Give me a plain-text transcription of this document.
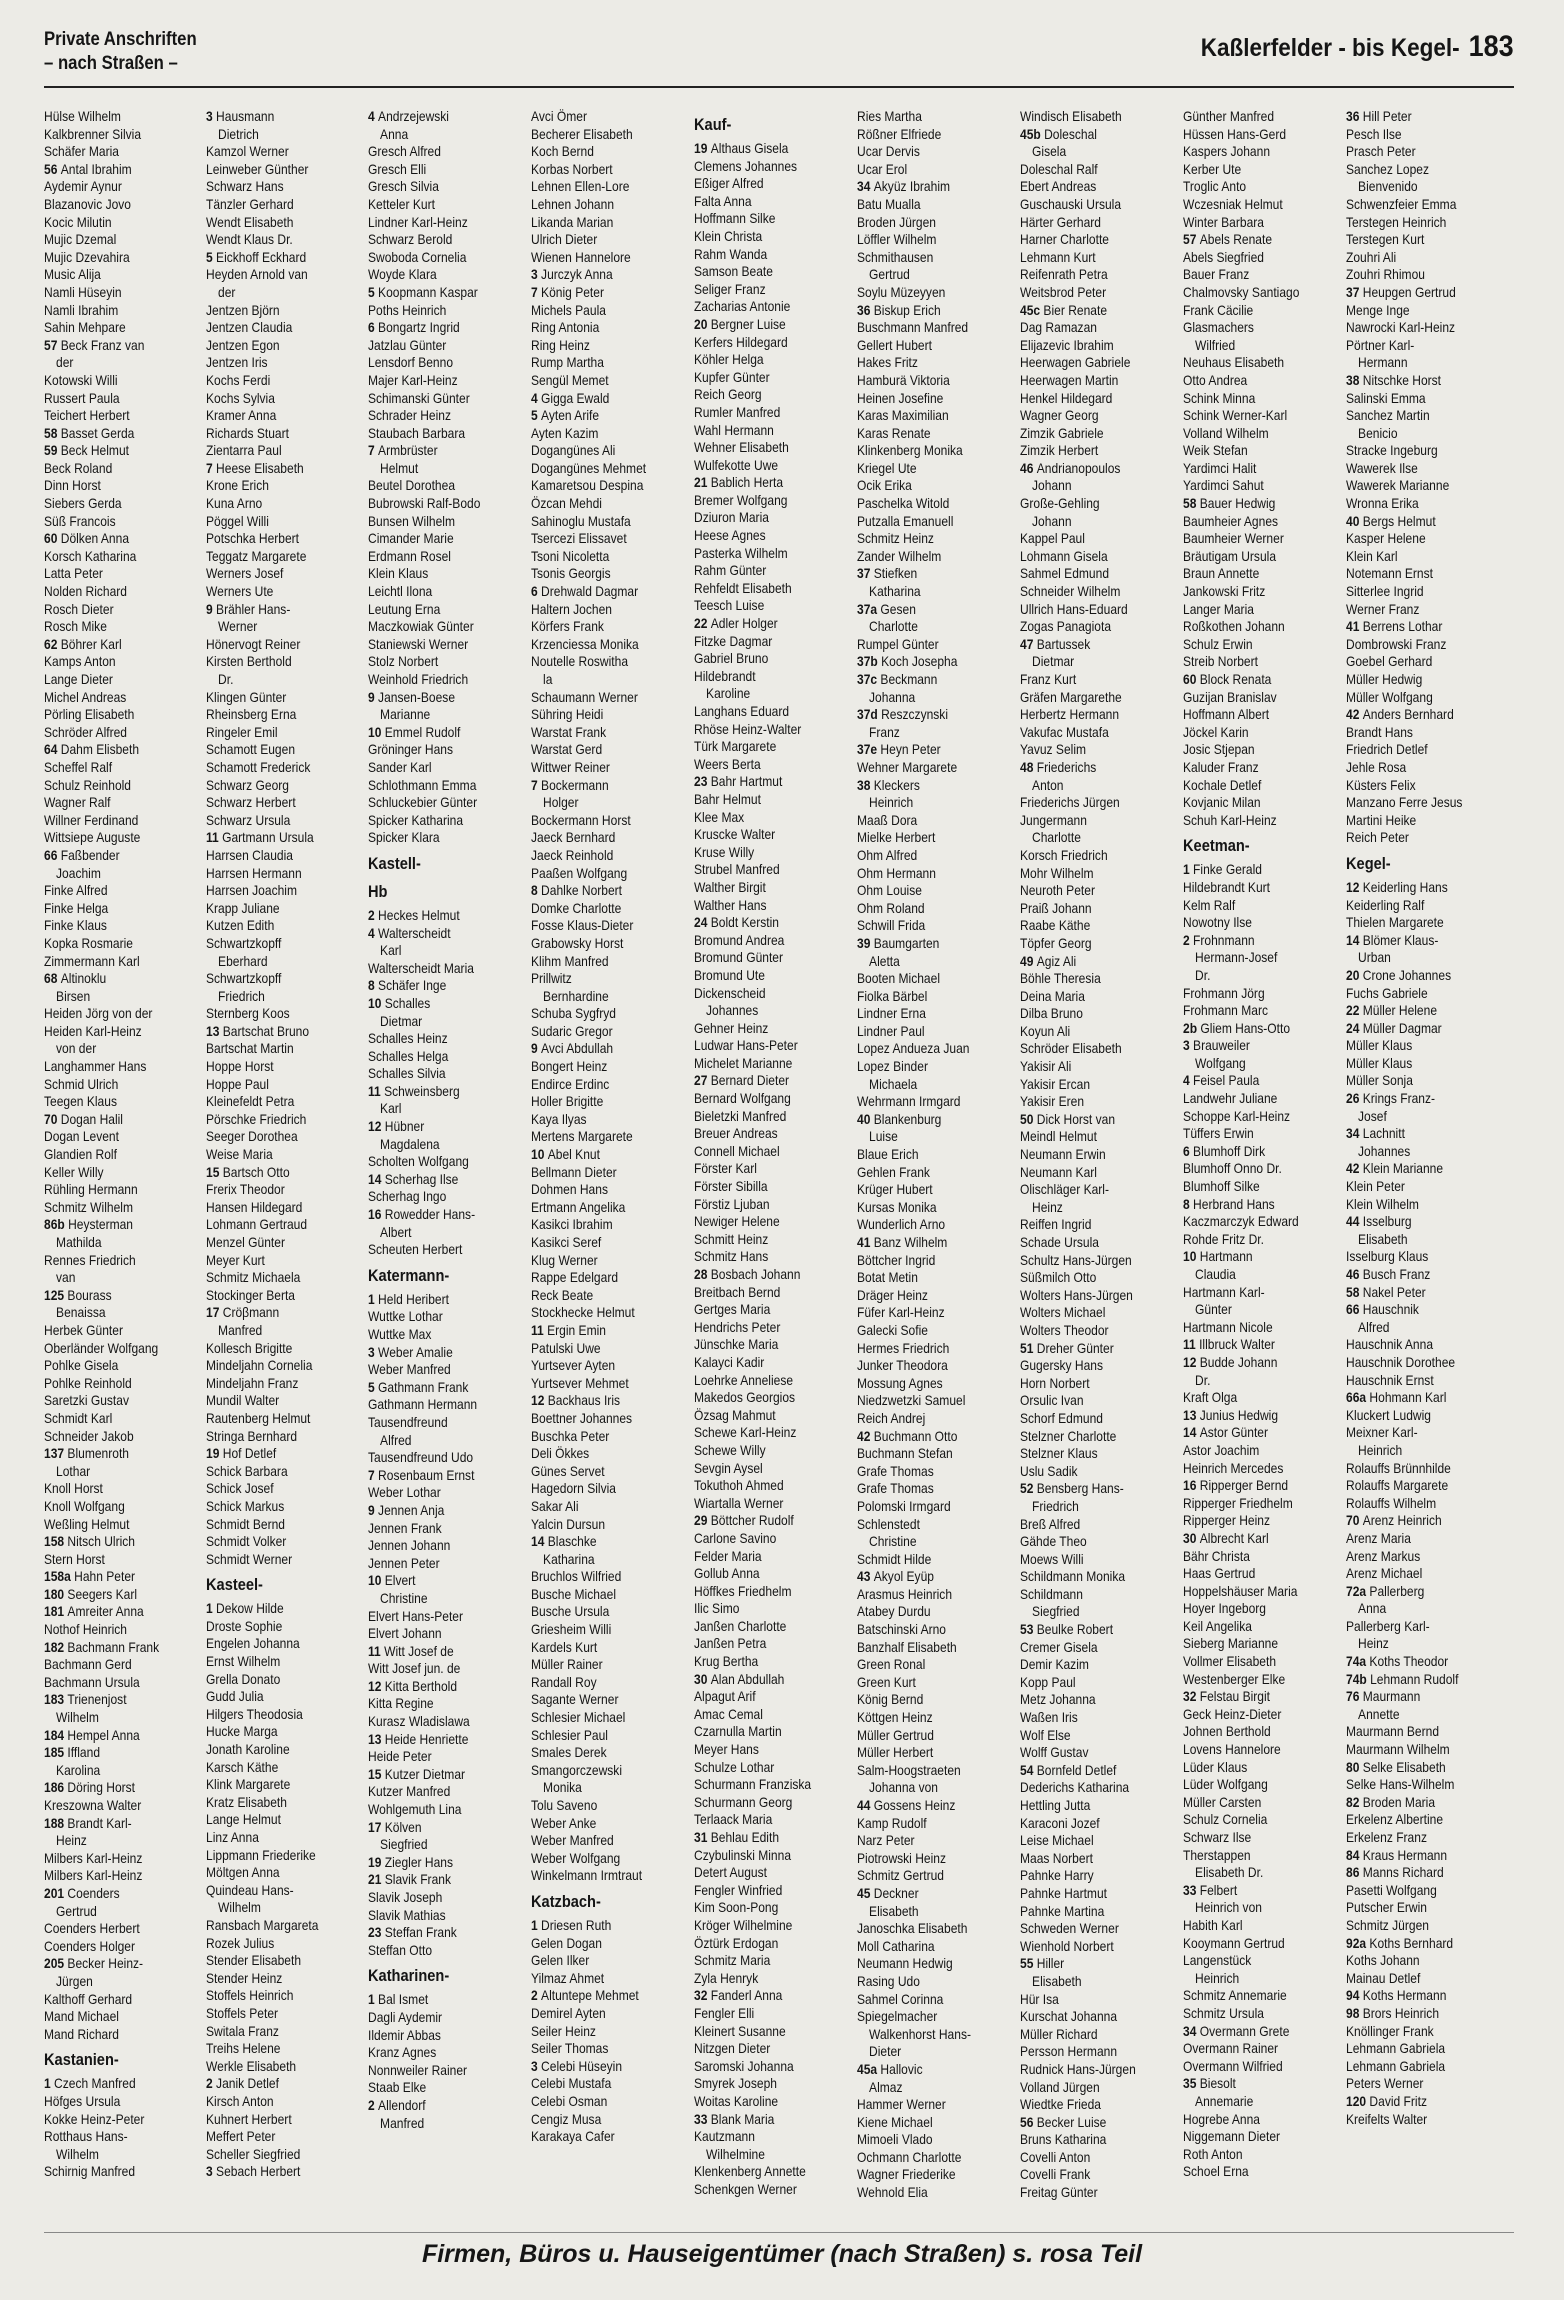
Private Anschriften
– nach Straßen –
Kaßlerfelder - bis Kegel- 183
Hülse Wilhelm
Kalkbrenner Silvia
Schäfer Maria
56 Antal Ibrahim
Aydemir Aynur
Blazanovic Jovo
Kocic Milutin
Mujic Dzemal
Mujic Dzevahira
Music Alija
Namli Hüseyin
Namli Ibrahim
Sahin Mehpare
57 Beck Franz van
der
Kotowski Willi
Russert Paula
Teichert Herbert
58 Basset Gerda
59 Beck Helmut
Beck Roland
Dinn Horst
Siebers Gerda
Süß Francois
60 Dölken Anna
Korsch Katharina
Latta Peter
Nolden Richard
Rosch Dieter
Rosch Mike
62 Böhrer Karl
Kamps Anton
Lange Dieter
Michel Andreas
Pörling Elisabeth
Schröder Alfred
64 Dahm Elisbeth
Scheffel Ralf
Schulz Reinhold
Wagner Ralf
Willner Ferdinand
Wittsiepe Auguste
66 Faßbender
Joachim
Finke Alfred
Finke Helga
Finke Klaus
Kopka Rosmarie
Zimmermann Karl
68 Altinoklu
Birsen
Heiden Jörg von der
Heiden Karl-Heinz
von der
Langhammer Hans
Schmid Ulrich
Teegen Klaus
70 Dogan Halil
Dogan Levent
Glandien Rolf
Keller Willy
Rühling Hermann
Schmitz Wilhelm
86b Heysterman
Mathilda
Rennes Friedrich
van
125 Bourass
Benaissa
Herbek Günter
Oberländer Wolfgang
Pohlke Gisela
Pohlke Reinhold
Saretzki Gustav
Schmidt Karl
Schneider Jakob
137 Blumenroth
Lothar
Knoll Horst
Knoll Wolfgang
Weßling Helmut
158 Nitsch Ulrich
Stern Horst
158a Hahn Peter
180 Seegers Karl
181 Amreiter Anna
Nothof Heinrich
182 Bachmann Frank
Bachmann Gerd
Bachmann Ursula
183 Trienenjost
Wilhelm
184 Hempel Anna
185 Iffland
Karolina
186 Döring Horst
Kreszowna Walter
188 Brandt Karl-
Heinz
Milbers Karl-Heinz
Milbers Karl-Heinz
201 Coenders
Gertrud
Coenders Herbert
Coenders Holger
205 Becker Heinz-
Jürgen
Kalthoff Gerhard
Mand Michael
Mand Richard
Kastanien-
1 Czech Manfred
Höfges Ursula
Kokke Heinz-Peter
Rotthaus Hans-
Wilhelm
Schirnig Manfred
3 Hausmann
Dietrich
Kamzol Werner
Leinweber Günther
Schwarz Hans
Tänzler Gerhard
Wendt Elisabeth
Wendt Klaus Dr.
5 Eickhoff Eckhard
Heyden Arnold van
der
Jentzen Björn
Jentzen Claudia
Jentzen Egon
Jentzen Iris
Kochs Ferdi
Kochs Sylvia
Kramer Anna
Richards Stuart
Zientarra Paul
7 Heese Elisabeth
Krone Erich
Kuna Arno
Pöggel Willi
Potschka Herbert
Teggatz Margarete
Werners Josef
Werners Ute
9 Brähler Hans-
Werner
Hönervogt Reiner
Kirsten Berthold
Dr.
Klingen Günter
Rheinsberg Erna
Ringeler Emil
Schamott Eugen
Schamott Frederick
Schwarz Georg
Schwarz Herbert
Schwarz Ursula
11 Gartmann Ursula
Harrsen Claudia
Harrsen Hermann
Harrsen Joachim
Krapp Juliane
Kutzen Edith
Schwartzkopff
Eberhard
Schwartzkopff
Friedrich
Sternberg Koos
13 Bartschat Bruno
Bartschat Martin
Hoppe Horst
Hoppe Paul
Kleinefeldt Petra
Pörschke Friedrich
Seeger Dorothea
Weise Maria
15 Bartsch Otto
Frerix Theodor
Hansen Hildegard
Lohmann Gertraud
Menzel Günter
Meyer Kurt
Schmitz Michaela
Stockinger Berta
17 Cröβmann
Manfred
Kollesch Brigitte
Mindeljahn Cornelia
Mindeljahn Franz
Mundil Walter
Rautenberg Helmut
Stringa Bernhard
19 Hof Detlef
Schick Barbara
Schick Josef
Schick Markus
Schmidt Bernd
Schmidt Volker
Schmidt Werner
Kasteel-
1 Dekow Hilde
Droste Sophie
Engelen Johanna
Ernst Wilhelm
Grella Donato
Gudd Julia
Hilgers Theodosia
Hucke Marga
Jonath Karoline
Karsch Käthe
Klink Margarete
Kratz Elisabeth
Lange Helmut
Linz Anna
Lippmann Friederike
Möltgen Anna
Quindeau Hans-
Wilhelm
Ransbach Margareta
Rozek Julius
Stender Elisabeth
Stender Heinz
Stoffels Heinrich
Stoffels Peter
Switala Franz
Treihs Helene
Werkle Elisabeth
2 Janik Detlef
Kirsch Anton
Kuhnert Herbert
Meffert Peter
Scheller Siegfried
3 Sebach Herbert
4 Andrzejewski
Anna
Gresch Alfred
Gresch Elli
Gresch Silvia
Ketteler Kurt
Lindner Karl-Heinz
Schwarz Berold
Swoboda Cornelia
Woyde Klara
5 Koopmann Kaspar
Poths Heinrich
6 Bongartz Ingrid
Jatzlau Günter
Lensdorf Benno
Majer Karl-Heinz
Schimanski Günter
Schrader Heinz
Staubach Barbara
7 Armbrüster
Helmut
Beutel Dorothea
Bubrowski Ralf-Bodo
Bunsen Wilhelm
Cimander Marie
Erdmann Rosel
Klein Klaus
Leichtl Ilona
Leutung Erna
Maczkowiak Günter
Staniewski Werner
Stolz Norbert
Weinhold Friedrich
9 Jansen-Boese
Marianne
10 Emmel Rudolf
Gröninger Hans
Sander Karl
Schlothmann Emma
Schluckebier Günter
Spicker Katharina
Spicker Klara
Kastell-
Hb
2 Heckes Helmut
4 Walterscheidt
Karl
Walterscheidt Maria
8 Schäfer Inge
10 Schalles
Dietmar
Schalles Heinz
Schalles Helga
Schalles Silvia
11 Schweinsberg
Karl
12 Hübner
Magdalena
Scholten Wolfgang
14 Scherhag Ilse
Scherhag Ingo
16 Rowedder Hans-
Albert
Scheuten Herbert
Katermann-
1 Held Heribert
Wuttke Lothar
Wuttke Max
3 Weber Amalie
Weber Manfred
5 Gathmann Frank
Gathmann Hermann
Tausendfreund
Alfred
Tausendfreund Udo
7 Rosenbaum Ernst
Weber Lothar
9 Jennen Anja
Jennen Frank
Jennen Johann
Jennen Peter
10 Elvert
Christine
Elvert Hans-Peter
Elvert Johann
11 Witt Josef de
Witt Josef jun. de
12 Kitta Berthold
Kitta Regine
Kurasz Wladislawa
13 Heide Henriette
Heide Peter
15 Kutzer Dietmar
Kutzer Manfred
Wohlgemuth Lina
17 Kölven
Siegfried
19 Ziegler Hans
21 Slavik Frank
Slavik Joseph
Slavik Mathias
23 Steffan Frank
Steffan Otto
Katharinen-
1 Bal Ismet
Dagli Aydemir
Ildemir Abbas
Kranz Agnes
Nonnweiler Rainer
Staab Elke
2 Allendorf
Manfred
Avci Ömer
Becherer Elisabeth
Koch Bernd
Korbas Norbert
Lehnen Ellen-Lore
Lehnen Johann
Likanda Marian
Ulrich Dieter
Wienen Hannelore
3 Jurczyk Anna
7 König Peter
Michels Paula
Ring Antonia
Ring Heinz
Rump Martha
Sengül Memet
4 Gigga Ewald
5 Ayten Arife
Ayten Kazim
Dogangünes Ali
Dogangünes Mehmet
Kamaretsou Despina
Özcan Mehdi
Sahinoglu Mustafa
Tsercezi Elissavet
Tsoni Nicoletta
Tsonis Georgis
6 Drehwald Dagmar
Haltern Jochen
Körfers Frank
Krzenciessa Monika
Noutelle Roswitha
la
Schaumann Werner
Sühring Heidi
Warstat Frank
Warstat Gerd
Wittwer Reiner
7 Bockermann
Holger
Bockermann Horst
Jaeck Bernhard
Jaeck Reinhold
Paaßen Wolfgang
8 Dahlke Norbert
Domke Charlotte
Fosse Klaus-Dieter
Grabowsky Horst
Klihm Manfred
Prillwitz
Bernhardine
Schuba Sygfryd
Sudaric Gregor
9 Avci Abdullah
Bongert Heinz
Endirce Erdinc
Holler Brigitte
Kaya Ilyas
Mertens Margarete
10 Abel Knut
Bellmann Dieter
Dohmen Hans
Ertmann Angelika
Kasikci Ibrahim
Kasikci Seref
Klug Werner
Rappe Edelgard
Reck Beate
Stockhecke Helmut
11 Ergin Emin
Patulski Uwe
Yurtsever Ayten
Yurtsever Mehmet
12 Backhaus Iris
Boettner Johannes
Buschka Peter
Deli Ökkes
Günes Servet
Hagedorn Silvia
Sakar Ali
Yalcin Dursun
14 Blaschke
Katharina
Bruchlos Wilfried
Busche Michael
Busche Ursula
Griesheim Willi
Kardels Kurt
Müller Rainer
Randall Roy
Sagante Werner
Schlesier Michael
Schlesier Paul
Smales Derek
Smangorczewski
Monika
Tolu Saveno
Weber Anke
Weber Manfred
Weber Wolfgang
Winkelmann Irmtraut
Katzbach-
1 Driesen Ruth
Gelen Dogan
Gelen Ilker
Yilmaz Ahmet
2 Altuntepe Mehmet
Demirel Ayten
Seiler Heinz
Seiler Thomas
3 Celebi Hüseyin
Celebi Mustafa
Celebi Osman
Cengiz Musa
Karakaya Cafer
Kauf-
19 Althaus Gisela
Clemens Johannes
Eßiger Alfred
Falta Anna
Hoffmann Silke
Klein Christa
Rahm Wanda
Samson Beate
Seliger Franz
Zacharias Antonie
20 Bergner Luise
Kerfers Hildegard
Köhler Helga
Kupfer Günter
Reich Georg
Rumler Manfred
Wahl Hermann
Wehner Elisabeth
Wulfekotte Uwe
21 Bablich Herta
Bremer Wolfgang
Dziuron Maria
Heese Agnes
Pasterka Wilhelm
Rahm Günter
Rehfeldt Elisabeth
Teesch Luise
22 Adler Holger
Fitzke Dagmar
Gabriel Bruno
Hildebrandt
Karoline
Langhans Eduard
Rhöse Heinz-Walter
Türk Margarete
Weers Berta
23 Bahr Hartmut
Bahr Helmut
Klee Max
Kruscke Walter
Kruse Willy
Strubel Manfred
Walther Birgit
Walther Hans
24 Boldt Kerstin
Bromund Andrea
Bromund Günter
Bromund Ute
Dickenscheid
Johannes
Gehner Heinz
Ludwar Hans-Peter
Michelet Marianne
27 Bernard Dieter
Bernard Wolfgang
Bieletzki Manfred
Breuer Andreas
Connell Michael
Förster Karl
Förster Sibilla
Förstiz Ljuban
Newiger Helene
Schmitt Heinz
Schmitz Hans
28 Bosbach Johann
Breitbach Bernd
Gertges Maria
Hendrichs Peter
Jünschke Maria
Kalayci Kadir
Loehrke Anneliese
Makedos Georgios
Özsag Mahmut
Schewe Karl-Heinz
Schewe Willy
Sevgin Aysel
Tokuthoh Ahmed
Wiartalla Werner
29 Böttcher Rudolf
Carlone Savino
Felder Maria
Gollub Anna
Höffkes Friedhelm
Ilic Simo
Janßen Charlotte
Janßen Petra
Krug Bertha
30 Alan Abdullah
Alpagut Arif
Amac Cemal
Czarnulla Martin
Meyer Hans
Schulze Lothar
Schurmann Franziska
Schurmann Georg
Terlaack Maria
31 Behlau Edith
Czybulinski Minna
Detert August
Fengler Winfried
Kim Soon-Pong
Kröger Wilhelmine
Öztürk Erdogan
Schmitz Maria
Zyla Henryk
32 Fanderl Anna
Fengler Elli
Kleinert Susanne
Nitzgen Dieter
Saromski Johanna
Smyrek Joseph
Woitas Karoline
33 Blank Maria
Kautzmann
Wilhelmine
Klenkenberg Annette
Schenkgen Werner
Ries Martha
Rößner Elfriede
Ucar Dervis
Ucar Erol
34 Akyüz Ibrahim
Batu Mualla
Broden Jürgen
Löffler Wilhelm
Schmithausen
Gertrud
Soylu Müzeyyen
36 Biskup Erich
Buschmann Manfred
Gellert Hubert
Hakes Fritz
Hamburä Viktoria
Heinen Josefine
Karas Maximilian
Karas Renate
Klinkenberg Monika
Kriegel Ute
Ocik Erika
Paschelka Witold
Putzalla Emanuell
Schmitz Heinz
Zander Wilhelm
37 Stiefken
Katharina
37a Gesen
Charlotte
Rumpel Günter
37b Koch Josepha
37c Beckmann
Johanna
37d Reszczynski
Franz
37e Heyn Peter
Wehner Margarete
38 Kleckers
Heinrich
Maaß Dora
Mielke Herbert
Ohm Alfred
Ohm Hermann
Ohm Louise
Ohm Roland
Schwill Frida
39 Baumgarten
Aletta
Booten Michael
Fiolka Bärbel
Lindner Erna
Lindner Paul
Lopez Andueza Juan
Lopez Binder
Michaela
Wehrmann Irmgard
40 Blankenburg
Luise
Blaue Erich
Gehlen Frank
Krüger Hubert
Kursas Monika
Wunderlich Arno
41 Banz Wilhelm
Böttcher Ingrid
Botat Metin
Dräger Heinz
Füfer Karl-Heinz
Galecki Sofie
Hermes Friedrich
Junker Theodora
Mossung Agnes
Niedzwetzki Samuel
Reich Andrej
42 Buchmann Otto
Buchmann Stefan
Grafe Thomas
Grafe Thomas
Polomski Irmgard
Schlenstedt
Christine
Schmidt Hilde
43 Akyol Eyüp
Arasmus Heinrich
Atabey Durdu
Batschinski Arno
Banzhalf Elisabeth
Green Ronal
Green Kurt
König Bernd
Köttgen Heinz
Müller Gertrud
Müller Herbert
Salm-Hoogstraeten
Johanna von
44 Gossens Heinz
Kamp Rudolf
Narz Peter
Piotrowski Heinz
Schmitz Gertrud
45 Deckner
Elisabeth
Janoschka Elisabeth
Moll Catharina
Neumann Hedwig
Rasing Udo
Sahmel Corinna
Spiegelmacher
Walkenhorst Hans-
Dieter
45a Hallovic
Almaz
Hammer Werner
Kiene Michael
Mimoeli Vlado
Ochmann Charlotte
Wagner Friederike
Wehnold Elia
Windisch Elisabeth
45b Doleschal
Gisela
Doleschal Ralf
Ebert Andreas
Guschauski Ursula
Härter Gerhard
Harner Charlotte
Lehmann Kurt
Reifenrath Petra
Weitsbrod Peter
45c Bier Renate
Dag Ramazan
Elijazevic Ibrahim
Heerwagen Gabriele
Heerwagen Martin
Henkel Hildegard
Wagner Georg
Zimzik Gabriele
Zimzik Herbert
46 Andrianopoulos
Johann
Große-Gehling
Johann
Kappel Paul
Lohmann Gisela
Sahmel Edmund
Schneider Wilhelm
Ullrich Hans-Eduard
Zogas Panagiota
47 Bartussek
Dietmar
Franz Kurt
Gräfen Margarethe
Herbertz Hermann
Vakufac Mustafa
Yavuz Selim
48 Friederichs
Anton
Friederichs Jürgen
Jungermann
Charlotte
Korsch Friedrich
Mohr Wilhelm
Neuroth Peter
Praiß Johann
Raabe Käthe
Töpfer Georg
49 Agiz Ali
Böhle Theresia
Deina Maria
Dilba Bruno
Koyun Ali
Schröder Elisabeth
Yakisir Ali
Yakisir Ercan
Yakisir Eren
50 Dick Horst van
Meindl Helmut
Neumann Erwin
Neumann Karl
Olischläger Karl-
Heinz
Reiffen Ingrid
Schade Ursula
Schultz Hans-Jürgen
Süßmilch Otto
Wolters Hans-Jürgen
Wolters Michael
Wolters Theodor
51 Dreher Günter
Gugersky Hans
Horn Norbert
Orsulic Ivan
Schorf Edmund
Stelzner Charlotte
Stelzner Klaus
Uslu Sadik
52 Bensberg Hans-
Friedrich
Breß Alfred
Gähde Theo
Moews Willi
Schildmann Monika
Schildmann
Siegfried
53 Beulke Robert
Cremer Gisela
Demir Kazim
Kopp Paul
Metz Johanna
Waßen Iris
Wolf Else
Wolff Gustav
54 Bornfeld Detlef
Dederichs Katharina
Hettling Jutta
Karaconi Jozef
Leise Michael
Maas Norbert
Pahnke Harry
Pahnke Hartmut
Pahnke Martina
Schweden Werner
Wienhold Norbert
55 Hiller
Elisabeth
Hür Isa
Kurschat Johanna
Müller Richard
Persson Hermann
Rudnick Hans-Jürgen
Volland Jürgen
Wiedtke Frieda
56 Becker Luise
Bruns Katharina
Covelli Anton
Covelli Frank
Freitag Günter
Günther Manfred
Hüssen Hans-Gerd
Kaspers Johann
Kerber Ute
Troglic Anto
Wczesniak Helmut
Winter Barbara
57 Abels Renate
Abels Siegfried
Bauer Franz
Chalmovsky Santiago
Frank Cäcilie
Glasmachers
Wilfried
Neuhaus Elisabeth
Otto Andrea
Schink Minna
Schink Werner-Karl
Volland Wilhelm
Weik Stefan
Yardimci Halit
Yardimci Sahut
58 Bauer Hedwig
Baumheier Agnes
Baumheier Werner
Bräutigam Ursula
Braun Annette
Jankowski Fritz
Langer Maria
Roßkothen Johann
Schulz Erwin
Streib Norbert
60 Block Renata
Guzijan Branislav
Hoffmann Albert
Jöckel Karin
Josic Stjepan
Kaluder Franz
Kochale Detlef
Kovjanic Milan
Schuh Karl-Heinz
Keetman-
1 Finke Gerald
Hildebrandt Kurt
Kelm Ralf
Nowotny Ilse
2 Frohnmann
Hermann-Josef
Dr.
Frohmann Jörg
Frohmann Marc
2b Gliem Hans-Otto
3 Brauweiler
Wolfgang
4 Feisel Paula
Landwehr Juliane
Schoppe Karl-Heinz
Tüffers Erwin
6 Blumhoff Dirk
Blumhoff Onno Dr.
Blumhoff Silke
8 Herbrand Hans
Kaczmarczyk Edward
Rohde Fritz Dr.
10 Hartmann
Claudia
Hartmann Karl-
Günter
Hartmann Nicole
11 Illbruck Walter
12 Budde Johann
Dr.
Kraft Olga
13 Junius Hedwig
14 Astor Günter
Astor Joachim
Heinrich Mercedes
16 Ripperger Bernd
Ripperger Friedhelm
Ripperger Heinz
30 Albrecht Karl
Bähr Christa
Haas Gertrud
Hoppelshäuser Maria
Hoyer Ingeborg
Keil Angelika
Sieberg Marianne
Vollmer Elisabeth
Westenberger Elke
32 Felstau Birgit
Geck Heinz-Dieter
Johnen Berthold
Lovens Hannelore
Lüder Klaus
Lüder Wolfgang
Müller Carsten
Schulz Cornelia
Schwarz Ilse
Therstappen
Elisabeth Dr.
33 Felbert
Heinrich von
Habith Karl
Kooymann Gertrud
Langenstück
Heinrich
Schmitz Annemarie
Schmitz Ursula
34 Overmann Grete
Overmann Rainer
Overmann Wilfried
35 Biesolt
Annemarie
Hogrebe Anna
Niggemann Dieter
Roth Anton
Schoel Erna
36 Hill Peter
Pesch Ilse
Prasch Peter
Sanchez Lopez
Bienvenido
Schwenzfeier Emma
Terstegen Heinrich
Terstegen Kurt
Zouhri Ali
Zouhri Rhimou
37 Heupgen Gertrud
Menge Inge
Nawrocki Karl-Heinz
Pörtner Karl-
Hermann
38 Nitschke Horst
Salinski Emma
Sanchez Martin
Benicio
Stracke Ingeburg
Wawerek Ilse
Wawerek Marianne
Wronna Erika
40 Bergs Helmut
Kasper Helene
Klein Karl
Notemann Ernst
Sitterlee Ingrid
Werner Franz
41 Berrens Lothar
Dombrowski Franz
Goebel Gerhard
Müller Hedwig
Müller Wolfgang
42 Anders Bernhard
Brandt Hans
Friedrich Detlef
Jehle Rosa
Küsters Felix
Manzano Ferre Jesus
Martini Heike
Reich Peter
Kegel-
12 Keiderling Hans
Keiderling Ralf
Thielen Margarete
14 Blömer Klaus-
Urban
20 Crone Johannes
Fuchs Gabriele
22 Müller Helene
24 Müller Dagmar
Müller Klaus
Müller Klaus
Müller Sonja
26 Krings Franz-
Josef
34 Lachnitt
Johannes
42 Klein Marianne
Klein Peter
Klein Wilhelm
44 Isselburg
Elisabeth
Isselburg Klaus
46 Busch Franz
58 Nakel Peter
66 Hauschnik
Alfred
Hauschnik Anna
Hauschnik Dorothee
Hauschnik Ernst
66a Hohmann Karl
Kluckert Ludwig
Meixner Karl-
Heinrich
Rolauffs Brünnhilde
Rolauffs Margarete
Rolauffs Wilhelm
70 Arenz Heinrich
Arenz Maria
Arenz Markus
Arenz Michael
72a Pallerberg
Anna
Pallerberg Karl-
Heinz
74a Koths Theodor
74b Lehmann Rudolf
76 Maurmann
Annette
Maurmann Bernd
Maurmann Wilhelm
80 Selke Elisabeth
Selke Hans-Wilhelm
82 Broden Maria
Erkelenz Albertine
Erkelenz Franz
84 Kraus Hermann
86 Manns Richard
Pasetti Wolfgang
Putscher Erwin
Schmitz Jürgen
92a Koths Bernhard
Koths Johann
Mainau Detlef
94 Koths Hermann
98 Brors Heinrich
Knöllinger Frank
Lehmann Gabriela
Lehmann Gabriela
Peters Werner
120 David Fritz
Kreifelts Walter
Firmen, Büros u. Hauseigentümer (nach Straßen) s. rosa Teil
